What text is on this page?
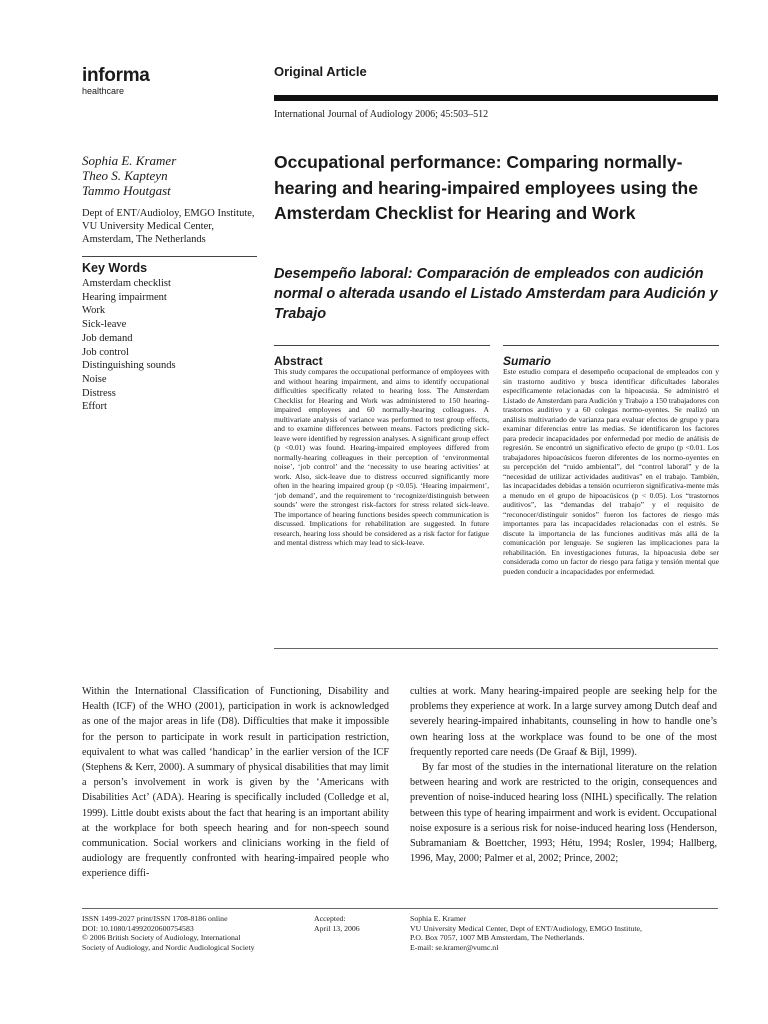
informa
healthcare
Original Article
International Journal of Audiology 2006; 45:503–512
Sophia E. Kramer
Theo S. Kapteyn
Tammo Houtgast
Dept of ENT/Audioloy, EMGO Institute, VU University Medical Center, Amsterdam, The Netherlands
Key Words
Amsterdam checklist
Hearing impairment
Work
Sick-leave
Job demand
Job control
Distinguishing sounds
Noise
Distress
Effort
Occupational performance: Comparing normally-hearing and hearing-impaired employees using the Amsterdam Checklist for Hearing and Work
Desempeño laboral: Comparación de empleados con audición normal o alterada usando el Listado Amsterdam para Audición y Trabajo
Abstract	Sumario
This study compares the occupational performance of employees with and without hearing impairment, and aims to identify occupational difficulties specifically related to hearing loss. The Amsterdam Checklist for Hearing and Work was administered to 150 hearing-impaired employees and 60 normally-hearing colleagues. A multivariate analysis of variance was performed to test group effects, and to examine differences between means. Factors predicting sick-leave were identified by regression analyses. A significant group effect (p <0.01) was found. Hearing-impaired employees differed from normally-hearing colleagues in their perception of ‘environmental noise’, ‘job control’ and the ‘necessity to use hearing activities’ at work. Also, sick-leave due to distress occurred significantly more often in the hearing impaired group (p <0.05). ‘Hearing impairment’, ‘job demand’, and the requirement to ‘recognize/distinguish between sounds’ were the strongest risk-factors for stress related sick-leave. The importance of hearing functions besides speech communication is discussed. Implications for rehabilitation are suggested. In future research, hearing loss should be considered as a risk factor for fatigue and mental distress which may lead to sick-leave.
Este estudio compara el desempeño ocupacional de empleados con y sin trastorno auditivo y busca identificar dificultades laborales específicamente relacionadas con la hipoacusia. Se administró el Listado de Amsterdam para Audición y Trabajo a 150 trabajadores con trastornos auditivo y a 60 colegas normo-oyentes. Se realizó un análisis multivariado de varianza para evaluar efectos de grupo y para examinar diferencias entre las medias. Se identificaron los factores para predecir incapacidades por enfermedad por medio de análisis de regresión. Se encontró un significativo efecto de grupo (p <0.01. Los trabajadores hipoacúsicos fueron diferentes de los normo-oyentes en su percepción del “ruido ambiental”, del “control laboral” y de la “necesidad de utilizar actividades auditivas” en el trabajo. También, las incapacidades debidas a tensión ocurrieron significativa-mente más a menudo en el grupo de hipoacúsicos (p < 0.05). Los “trastornos auditivos”, las “demandas del trabajo” y el requisito de “reconocer/distinguir sonidos” fueron los factores de riesgo más importantes para las incapacidades relacionadas con el estrés. Se discute la importancia de las funciones auditivas más allá de la comunicación por lenguaje. Se sugieren las implicaciones para la rehabilitación. En investigaciones futuras, la hipoacusia debe ser considerada como un factor de riesgo para fatiga y tensión mental que pueden conducir a incapacidades por enfermedad.

Within the International Classification of Functioning, Disability and Health (ICF) of the WHO (2001), participation in work is acknowledged as one of the major areas in life (D8). Difficulties that make it impossible for the person to participate in work result in participation restriction, equivalent to what was called ‘handicap’ in the earlier version of the ICF (Stephens & Kerr, 2000). A summary of physical disabilities that may limit a person’s involvement in work is given by the ‘Americans with Disabilities Act’ (ADA). Hearing is specifically included (Colledge et al, 1999). Little doubt exists about the fact that hearing is an important ability at the workplace for both speech hearing and for non-speech sound communication. Social workers and clinicians working in the field of audiology are frequently confronted with hearing-impaired people who experience diffi-

culties at work. Many hearing-impaired people are seeking help for the problems they experience at work. In a large survey among Dutch deaf and severely hearing-impaired inhabitants, counseling in how to handle one’s own hearing loss at the workplace was found to be one of the most frequently reported care needs (De Graaf & Bijl, 1999).

By far most of the studies in the international literature on the relation between hearing and work are restricted to the origin, consequences and prevention of noise-induced hearing loss (NIHL) specifically. The relation between this type of hearing impairment and work is evident. Occupational noise exposure is a serious risk for noise-induced hearing loss (Henderson, Subramaniam & Boettcher, 1993; Hétu, 1994; Rosler, 1994; Hallberg, 1996, May, 2000; Palmer et al, 2002; Prince, 2002;

ISSN 1499-2027 print/ISSN 1708-8186 online
DOI: 10.1080/14992020600754583
© 2006 British Society of Audiology, International
Society of Audiology, and Nordic Audiological Society
Accepted:
April 13, 2006
Sophia E. Kramer
VU University Medical Center, Dept of ENT/Audiology, EMGO Institute,
P.O. Box 7057, 1007 MB Amsterdam, The Netherlands.
E-mail: se.kramer@vumc.nl
